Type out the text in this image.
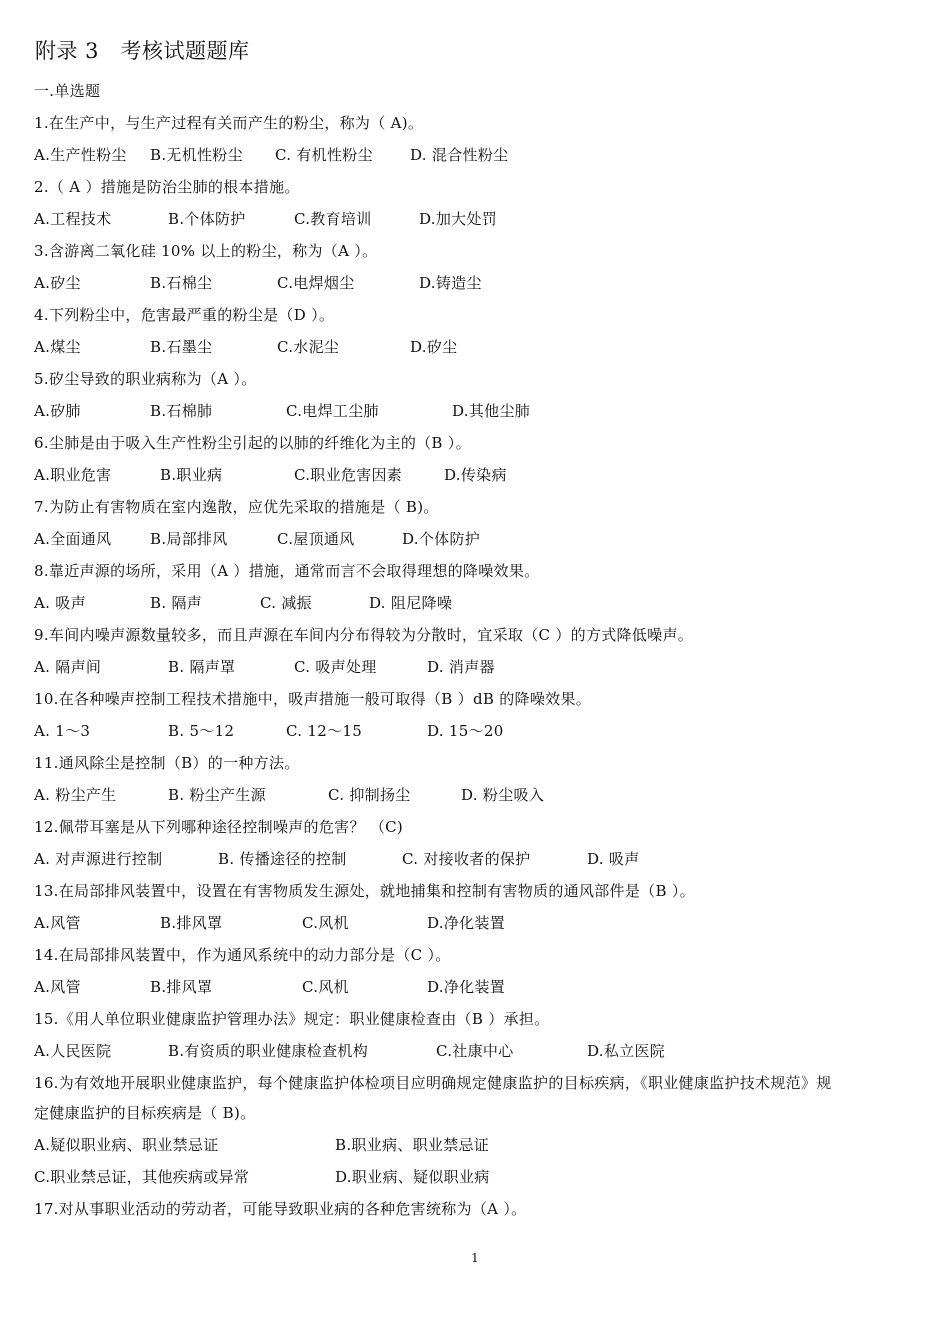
附录 3   考核试题题库
一.单选题
1.在生产中，与生产过程有关而产生的粉尘，称为（ A)。
A.生产性粉尘 B.无机性粉尘 C. 有机性粉尘 D. 混合性粉尘
2.（ A ）措施是防治尘肺的根本措施。
A.工程技术	B.个体防护	C.教育培训	D.加大处罚
3.含游离二氧化硅 10% 以上的粉尘，称为（A ）。
A.矽尘	B.石棉尘	C.电焊烟尘	D.铸造尘
4.下列粉尘中，危害最严重的粉尘是（D ）。
A.煤尘	B.石墨尘	C.水泥尘	D.矽尘
5.矽尘导致的职业病称为（A ）。
A.矽肺	B.石棉肺	C.电焊工尘肺	D.其他尘肺
6.尘肺是由于吸入生产性粉尘引起的以肺的纤维化为主的（B ）。
A.职业危害	B.职业病	C.职业危害因素	D.传染病
7.为防止有害物质在室内逸散，应优先采取的措施是（ B)。
A.全面通风	B.局部排风	C.屋顶通风	D.个体防护
8.靠近声源的场所，采用（A ）措施，通常而言不会取得理想的降噪效果。
A. 吸声	B. 隔声	C. 减振	D. 阻尼降噪
9.车间内噪声源数量较多，而且声源在车间内分布得较为分散时，宜采取（C ）的方式降低噪声。
A. 隔声间	B. 隔声罩	C. 吸声处理	D. 消声器
10.在各种噪声控制工程技术措施中，吸声措施一般可取得（B ）dB 的降噪效果。
A. 1～3	B. 5～12	C. 12～15	D. 15～20
11.通风除尘是控制（B）的一种方法。
A. 粉尘产生	B. 粉尘产生源	C. 抑制扬尘	D. 粉尘吸入
12.佩带耳塞是从下列哪种途径控制噪声的危害？ （C)
A. 对声源进行控制	B. 传播途径的控制	C. 对接收者的保护	D. 吸声
13.在局部排风装置中，设置在有害物质发生源处，就地捕集和控制有害物质的通风部件是（B ）。
A.风管	B.排风罩	C.风机	D.净化装置
14.在局部排风装置中，作为通风系统中的动力部分是（C ）。
A.风管	B.排风罩	C.风机	D.净化装置
15.《用人单位职业健康监护管理办法》规定：职业健康检查由（B ）承担。
A.人民医院	B.有资质的职业健康检查机构	C.社康中心	D.私立医院
16.为有效地开展职业健康监护，每个健康监护体检项目应明确规定健康监护的目标疾病，《职业健康监护技术规范》规
定健康监护的目标疾病是（ B)。
A.疑似职业病、职业禁忌证	B.职业病、职业禁忌证
C.职业禁忌证，其他疾病或异常	D.职业病、疑似职业病
17.对从事职业活动的劳动者，可能导致职业病的各种危害统称为（A ）。
1
